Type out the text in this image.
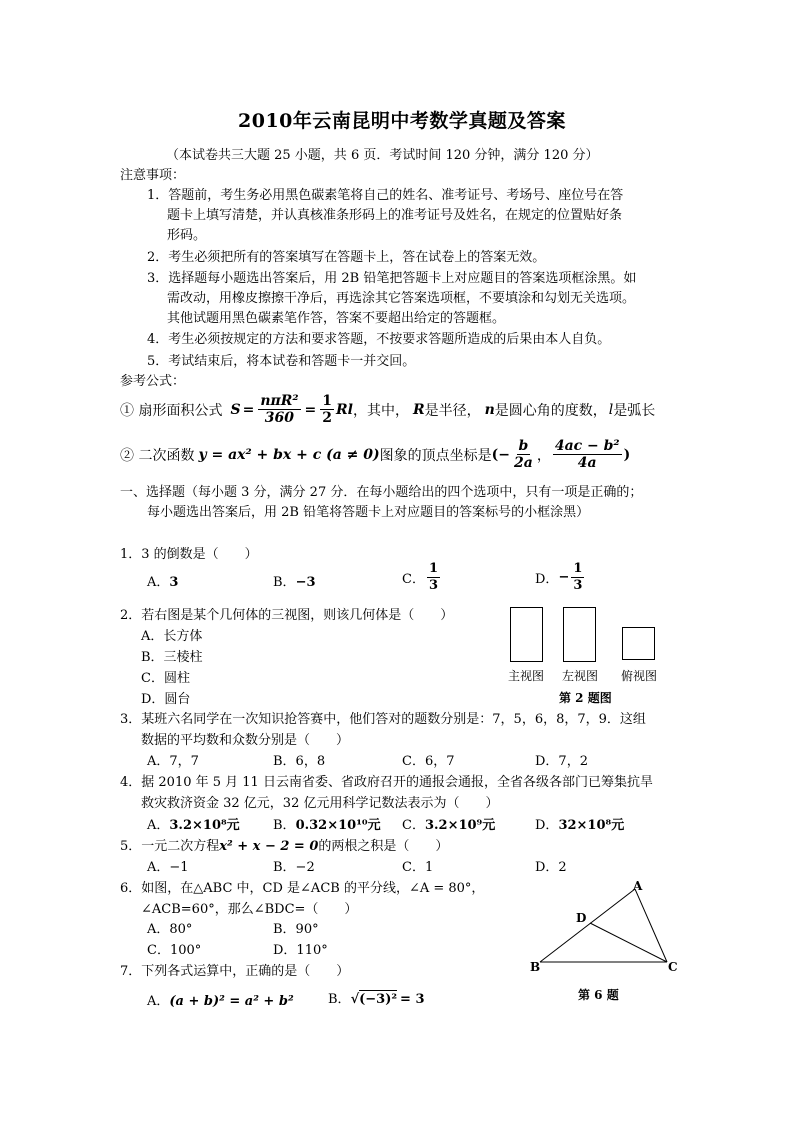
2010年云南昆明中考数学真题及答案
（本试卷共三大题 25 小题，共 6 页．考试时间 120 分钟，满分 120 分）
注意事项：
1．答题前，考生务必用黑色碳素笔将自己的姓名、准考证号、考场号、座位号在答
题卡上填写清楚，并认真核准条形码上的准考证号及姓名，在规定的位置贴好条
形码。
2．考生必须把所有的答案填写在答题卡上，答在试卷上的答案无效。
3．选择题每小题选出答案后，用 2B 铅笔把答题卡上对应题目的答案选项框涂黑。如
需改动，用橡皮擦擦干净后，再选涂其它答案选项框，不要填涂和勾划无关选项。
其他试题用黑色碳素笔作答，答案不要超出给定的答题框。
4．考生必须按规定的方法和要求答题，不按要求答题所造成的后果由本人自负。
5．考试结束后，将本试卷和答题卡一并交回。
参考公式：
① 扇形面积公式 $S = \frac{\text{nπR²}}{360} = \frac{1}{2}$ Rl ，其中， R 是半径， n 是圆心角的度数， l 是弧长
② 二次函数 y = ax² + bx + c (a ≠ 0) 图象的顶点坐标是 (− $\frac{b}{2a}$ ， $\frac{\text{4ac − b²}}{4a}$ )
一、选择题（每小题 3 分，满分 27 分．在每小题给出的四个选项中，只有一项是正确的；
每小题选出答案后，用 2B 铅笔将答题卡上对应题目的答案标号的小框涂黑）
1．3 的倒数是（　　）
A．3	B．−3	C． $\frac{1}{3}$	D． − $\frac{1}{3}$
2．若右图是某个几何体的三视图，则该几何体是（　　）
A．长方体
B．三棱柱
C．圆柱
D．圆台
主视图 左视图 俯视图
第 2 题图
3．某班六名同学在一次知识抢答赛中，他们答对的题数分别是：7，5，6，8，7，9．这组
数据的平均数和众数分别是（　　）
A．7，7	B．6，8	C．6，7	D．7，2
4．据 2010 年 5 月 11 日云南省委、省政府召开的通报会通报，全省各级各部门已筹集抗旱
救灾救济资金 32 亿元，32 亿元用科学记数法表示为（　　）
A．3.2×10⁸元	B．0.32×10¹⁰元 C．3.2×10⁹元	D．32×10⁸元
5．一元二次方程x² + x − 2 = 0的两根之积是（　　）
A．−1	B．−2	C．1	D．2
6．如图，在△ABC 中，CD 是∠ACB 的平分线，∠A = 80°，
∠ACB=60°，那么∠BDC=（　　）
A．80°	B．90°
C．100°	D．110°
A
D
B	C
第 6 题
7．下列各式运算中，正确的是（　　）
A．(a + b)² = a² + b²	B．√(−3)² = 3
